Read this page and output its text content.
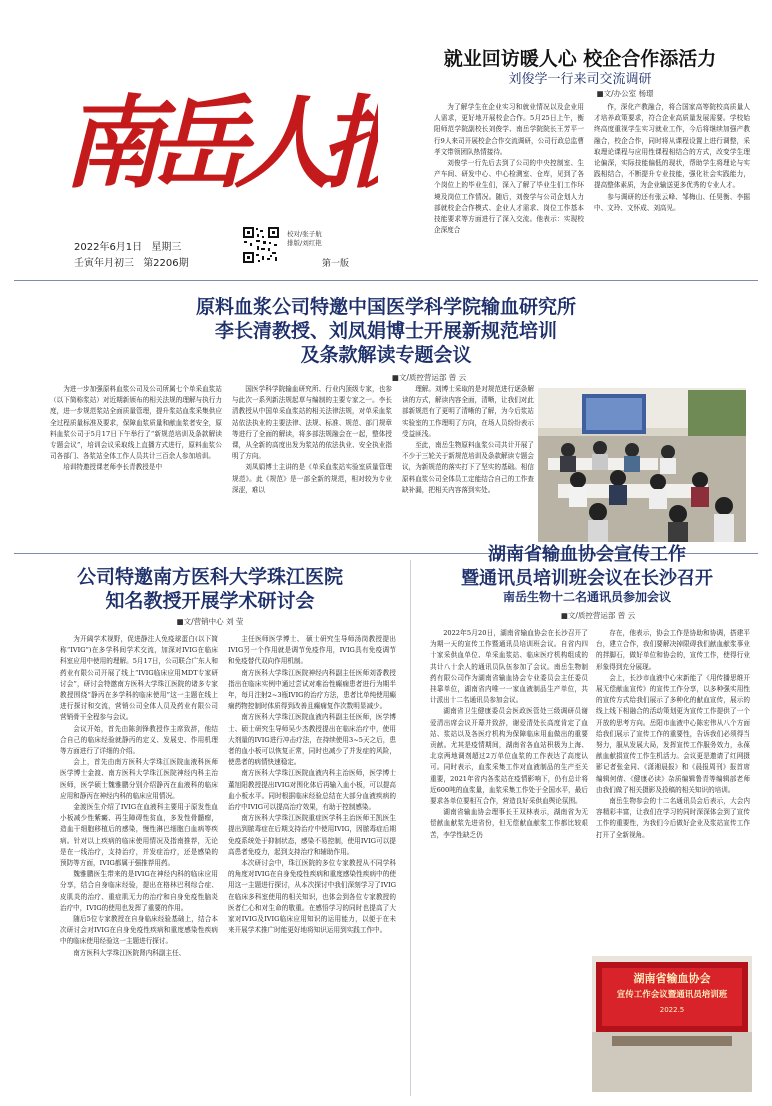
南岳人报
2022年6月1日 星期三
壬寅年月初三 第2206期
校对/张子航
排版/刘红艳
第一版
就业回访暖人心 校企合作添活力
刘俊学一行来司交流调研
■文/办公室 杨璟

为了解学生在企业实习和就业情况以及企业用人需求，更好地开展校企合作。5月25日上午，衡阳师范学院副校长刘俊学、南岳学院院长王芳平一行9人来司开展校企合作交流调研，公司行政总监曹孝文带领团队热情接待。

刘俊学一行先后去到了公司的中央控制室、生产车间、研发中心、中心检测室、仓库，见到了各个岗位上的毕业生们，深入了解了毕业生们工作环境及岗位工作情况。随后，刘俊学与公司企划人力部就校企合作模式、企业人才需求、岗位工作基本技能要求等方面进行了深入交流。他表示：实现校企深度合

作，深化产教融合，将合国家高等院校高质量人才培养政策要求，符合企业高质量发展需要。学校始终高度重视学生实习就业工作，今后将继续加强产教融合，校企合作，同时将从课程设置上进行调整，采取理论课程与应用性课程相结合的方式，改变学生理论偏深，实际技能偏低的现状，帮助学生将理论与实践相结合，不断提升专业技能，强化社会实践能力，提高整体素质，为企业输送更多优秀的专业人才。

参与调研的还有张云峰、邹梅山、任昊衡、李掘中、文玲、文怀成、刘高见。

原料血浆公司特邀中国医学科学院输血研究所
李长清教授、刘凤娟博士开展新规范培训
及条款解读专题会议
■文/质控营运部 曾 云

为进一步加强原料血浆公司及公司所属七个单采血浆站（以下简称浆站）对近期新颁布的相关法规的理解与执行力度，进一步规范浆站全面质量管理，提升浆站血浆采集供应全过程质量标准及要求，保障血浆质量和献血浆者安全，原料血浆公司于5月17日下午举行了“新规范培训及条款解读专题会议”，培训会议采取线上直播方式进行，原料血浆公司各部门、各浆站全体工作人员共计三百余人参加培训。

培训特邀授课老师李长青教授是中

国医学科学院输血研究所、行业内顶级专家，也参与此次一系列新法规起草与编制的主要专家之一。李长清教授从中国单采血浆站的相关法律法规，对单采血浆站依法执业的主要法律、法规、标准、规范、部门规章等进行了全面的解读，将多部法规融会在一起，整体授课，从全新的高度出发为浆站的依法执业、安全执业指明了方向。

刘凤娟博士主讲的是《单采血浆站实验室质量管理规范》。此《规范》是一部全新的规范，相对较为专业深涩，难以

理解。刘博士采取的是对规范进行逐条解读的方式，解读内容全面，清晰，让我们对此部新规范有了更明了清晰的了解，为今后浆站实验室的工作理明了方向，在场人员纷纷表示受益匪浅。

至此，南岳生物原料血浆公司共计开展了不少于三轮关于新规范培训及条款解读专题会议，为新规范的落实打下了坚实的基础。相信原料血浆公司全体员工定能结合自己的工作查缺补漏，把相关内容落到实处。

公司特邀南方医科大学珠江医院
知名教授开展学术研讨会
■文/营销中心 刘 莹

为开阔学术视野，促进静注人免疫球蛋白(以下简称“IVIG”)在多学科间学术交流，加深对IVIG在临床科室应用中使用的理解。5月17日，公司联合广东人和药业有限公司开展了线上“IVIG临床应用MDT专家研讨会”，研讨会特邀南方医科大学珠江医院的诸多专家教授围绕“静丙在多学科的临床使用”这一主题在线上进行探讨和交流，营销公司全体人员及药业有限公司营销骨干全程参与会议。

会议开始，首先由陈剑锋教授作主席致辞，他结合自己的临床经验就静丙的定义、发展史、作用机理等方面进行了详细的介绍。

会上，首先由南方医科大学珠江医院血液科医师 医学博士金渡、南方医科大学珠江医院神经内科主治医师，医学硕士魏雅鹏分别介绍静丙在血液科的临床应用和静丙在神经内科的临床应用情况。

金渡医生介绍了IVIG在血液科主要用于原发性血小板减少性紫癜、再生障碍性贫血，多发性骨髓瘤，造血干细胞移植后的感染，慢性淋巴细胞白血病等疾病。针对以上疾病的临床使用情况及指南推荐，无论是在一线治疗，支持治疗，并发症治疗，还是感染的预防等方面，IVIG都属于强推荐用药。

魏雅鹏医生带来的是IVIG在神经内科的临床应用分享，结合自身临床经验，提出在格林巴利综合症、皮肌炎的治疗、重症肌无力的治疗和自身免疫性脑炎治疗中，IVIG的使用也发挥了重要的作用。

随后5位专家教授在自身临床经验基础上，结合本次研讨会对IVIG在自身免疫性疾病和重度感染性疾病中的临床使用经验这一主题进行探讨。

南方医科大学珠江医院肾内科副主任、

主任医师医学博士、 硕士研究生导师汤岗教授提出IVIG另一个作用就是调节免疫作用，IVIG具有免疫调节和免疫替代双向作用机制。

南方医科大学珠江医院神经内科副主任医师刘香教授指出在临床实例中通过尝试对难治性癫痫患者进行为期半年，每月注射2~3瓶IVIG的治疗方法，患者比单纯使用癫痫药物控制时体质得到改善且癫痫复作次数明显减少。

南方医科大学珠江医院血液内科副主任医师，医学博士、硕士研究生导师吴少杰教授提出在临床治疗中，使用大剂量的IVIG进行冲击疗法，在持续使用3~5天之后，患者的血小板可以恢复正常，同时也减少了并发症的风险，使患者的病情快速稳定。

南方医科大学珠江医院血液内科主治医师，医学博士董旭阳教授提出IVIG对围化体后再输入血小板，可以提高血小板水平。同时根据临床经验总结在大部分血液疾病的治疗中IVIG可以提高治疗效果，有助于控制感染。

南方医科大学珠江医院重症医学科主治医师王凯医生提出到脓毒症在后期支持治疗中使用IVIG，因脓毒症后期免疫系统处于抑制状态，感染不易控制，使用IVIG可以提高患者免疫力，起到支持治疗和辅助作用。

本次研讨会中，珠江医院的多位专家教授从不同学科的角度对IVIG在自身免疫性疾病和重度感染性疾病中的使用这一主题进行探讨，从本次探讨中我们深刻学习了IVIG在临床多科室使用的相关知识，也体会到各位专家教授的医者仁心和对生命的敬重。在感悟学习的同时也提高了大家对IVIG及IVIG临床应用知识的运用能力，以便于在未来开展学术推广时能更好地将知识运用到实践工作中。

湖南省输血协会宣传工作
暨通讯员培训班会议在长沙召开
南岳生物十二名通讯员参加会议
■文/质控营运部 曾 云

2022年5月20日，湖南省输血协会在长沙召开了为期一天的宣传工作暨通讯员培训班会议。自省内四十家采供血单位、单采血浆站、临床医疗机构组成的共计八十余人的通讯员队伍参加了会议。南岳生物制药有限公司作为湖南省输血协会专业委员会主任委员挂靠单位，湖南省内唯一一家血液制品生产单位，共计派出十二名通讯员参加会议。

湖南省卫生健康委员会医政医管处三级调研员谢爱清出席会议开幕并致辞，谢爱清处长高度肯定了血站、浆站以及各医疗机构为保障临床用血做出的重要贡献。尤其是疫情期间，湖南省各血站积极为上海、北京两地调剂超过2万单位血浆的工作表达了高度认可。同时表示，血浆采集工作对血液制品的生产至关重要，2021年省内各浆站在疫情影响下，仍有总计将近600吨的血浆量，血浆采集工作处于全国水平，最后要求各单位要相互合作，营造良好采供血舆论氛围。

湖南省输血协会理事长王双林表示，湖南省为无偿献血献浆先进省份，但无偿献血献浆工作都比较艰苦，李学性缺乏仍

存在，他表示，协会工作是协助和协调，搭建平台，建立合作，我们要解决掉限碍我们献血献浆事业的拌脚石，做好单位和协会的，宣传工作，使得行业形象得到充分展现。

会上，长沙市血液中心宋新能了《用传播思维开展无偿献血宣传》的宣传工作分享，以多种强实用性的宣传方式给我们展示了多种化的献血宣传，展示的线上线下相融合的活动策划更为宣传工作提供了一个开放的思考方向。岳阳市血液中心陈宏伟从八个方面给我们展示了宣传工作的重要性，告诉我们必须得当努力，服从发展大局，发挥宣传工作服务效力，永葆献血献捐宣传工作生机活力。会议更是邀请了红网摄影记者张金同、《潇湘晨报》和《晨报周刊》报首席编辑何倩、《健康必读》杂质编辑鲁青等编辑部老师由我们做了相关摄影及投稿的相关知识的培训。

南岳生物参会的十二名通讯员会后表示，大会内容精彩丰富，让我们在学习的同时深深体会到了宣传工作的重要性，为我们今后做好企业及浆站宣传工作打开了全新视角。

湖南省输血协会
宣传工作会议暨通讯员培训班
2022.5
